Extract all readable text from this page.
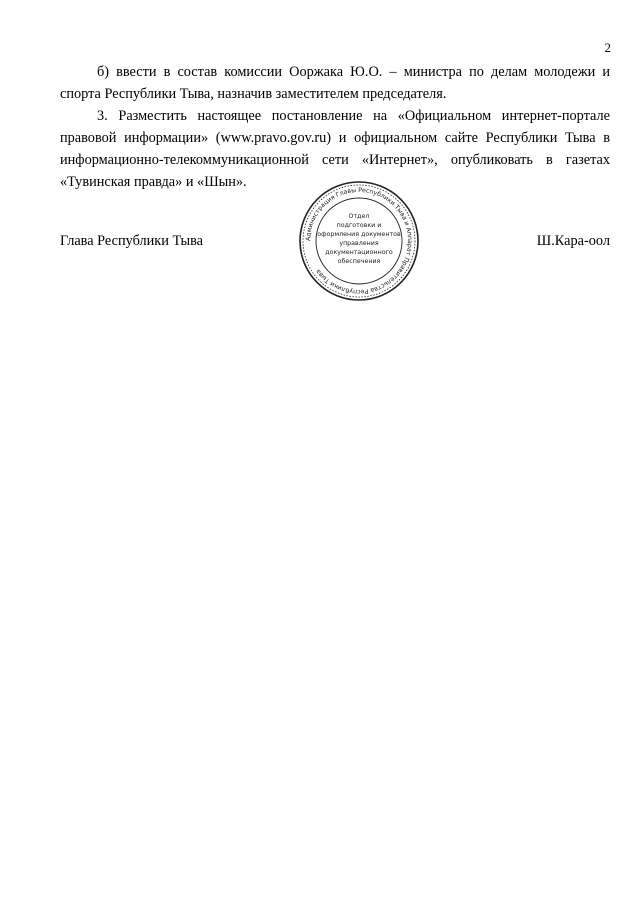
2

б) ввести в состав комиссии Ооржака Ю.О. – министра по делам молодежи и спорта Республики Тыва, назначив заместителем председателя.

3. Разместить настоящее постановление на «Официальном интернет-портале правовой информации» (www.pravo.gov.ru) и официальном сайте Республики Тыва в информационно-телекоммуникационной сети «Интернет», опубликовать в газетах «Тувинская правда» и «Шын».

Глава Республики Тыва	Ш.Кара-оол
Администрация Главы Республики Тыва и Аппарат Правительства Республики Тыва
Отдел
подготовки и
оформления документов
управления
документационного
обеспечения
